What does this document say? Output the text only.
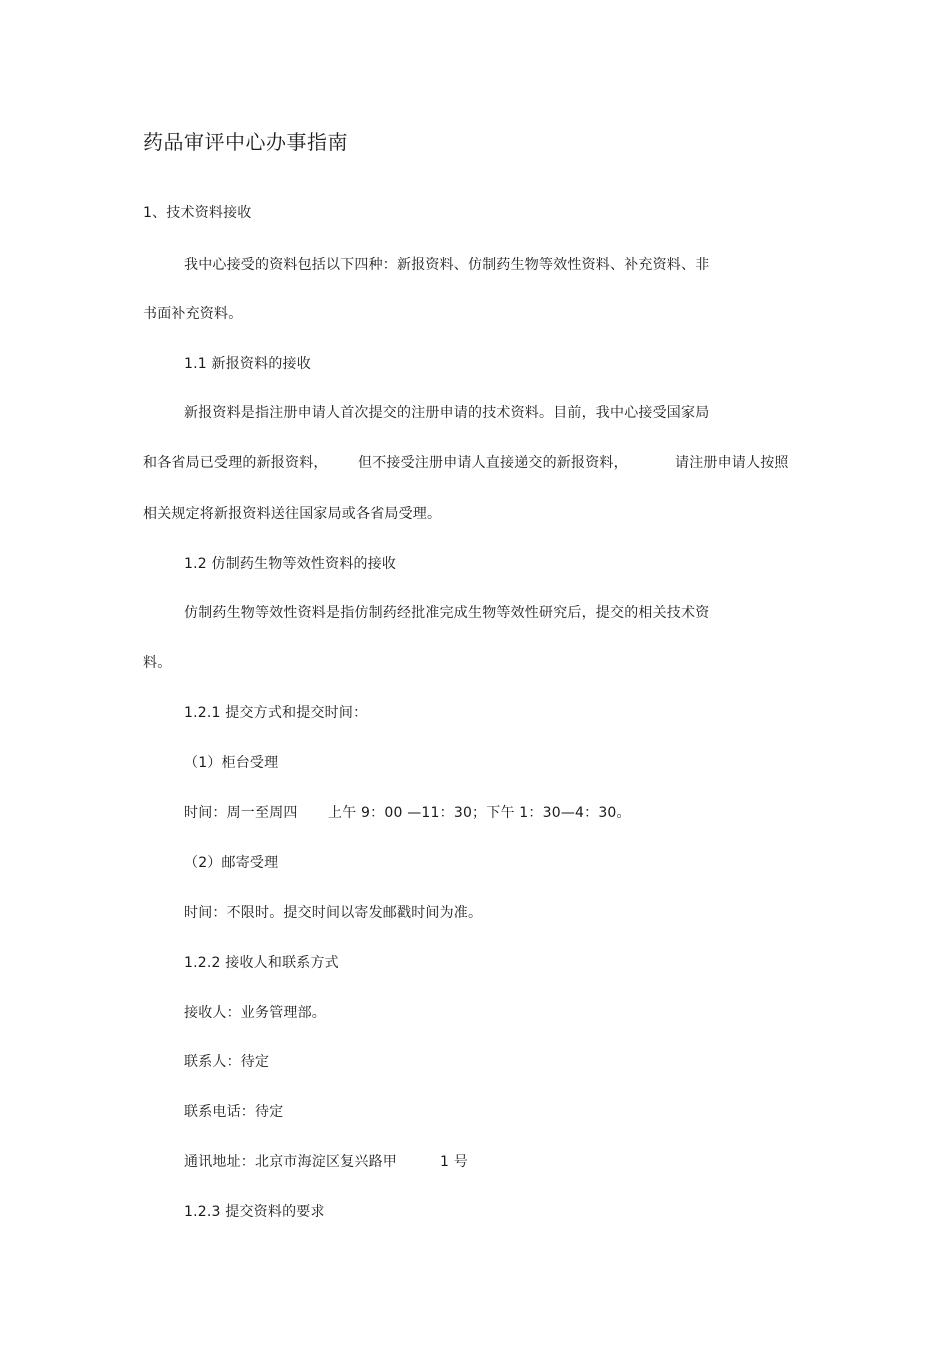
药品审评中心办事指南
1、技术资料接收
我中心接受的资料包括以下四种：新报资料、仿制药生物等效性资料、补充资料、非
书面补充资料。
1.1 新报资料的接收
新报资料是指注册申请人首次提交的注册申请的技术资料。目前，我中心接受国家局
和各省局已受理的新报资料， 但不接受注册申请人直接递交的新报资料，	请注册申请人按照
相关规定将新报资料送往国家局或各省局受理。
1.2 仿制药生物等效性资料的接收
仿制药生物等效性资料是指仿制药经批准完成生物等效性研究后，提交的相关技术资
料。
1.2.1 提交方式和提交时间：
（1）柜台受理
时间：周一至周四 上午 9：00 —11：30；下午 1：30—4：30。
（2）邮寄受理
时间：不限时。提交时间以寄发邮戳时间为准。
1.2.2 接收人和联系方式
接收人：业务管理部。
联系人：待定
联系电话：待定
通讯地址：北京市海淀区复兴路甲	1 号
1.2.3 提交资料的要求
